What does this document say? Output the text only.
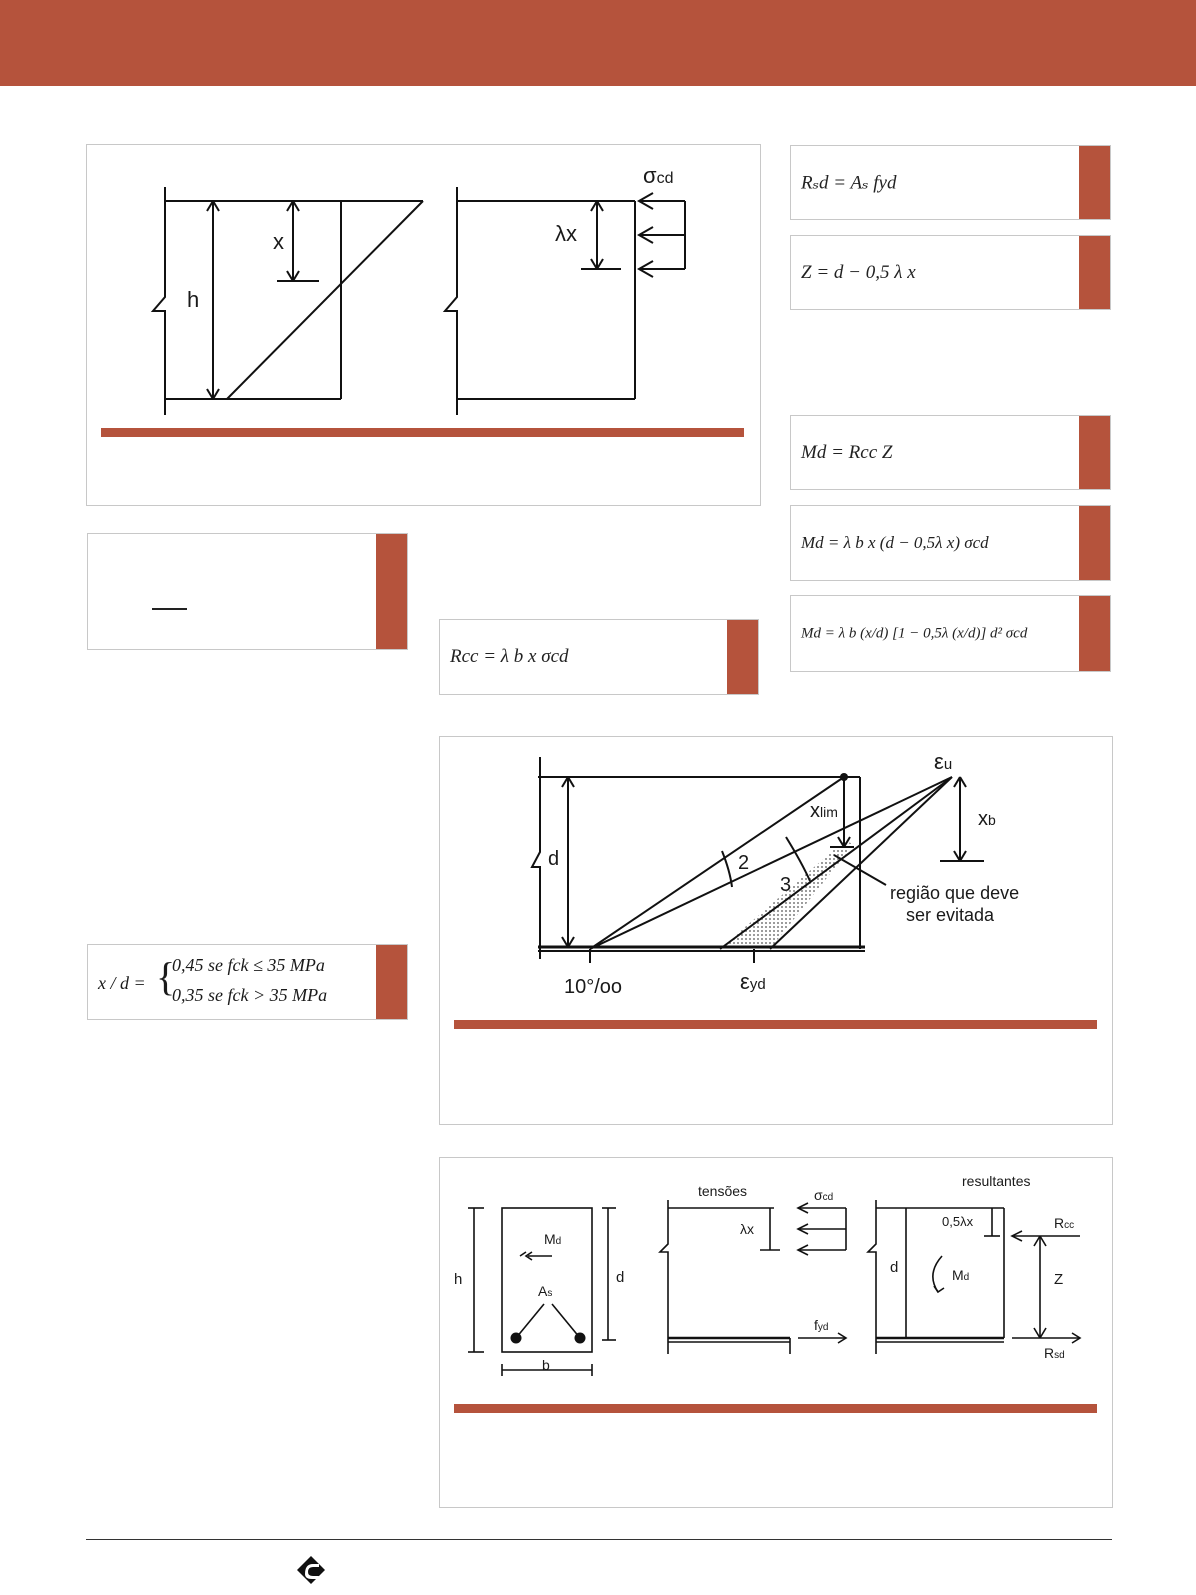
x
h
λx
σcd	Rₛd = Aₛ fyd
Z = d − 0,5 λ x
Md = Rcc Z
Md = λ b x (d − 0,5λ x) σcd
Md = λ b (x/d) [1 − 0,5λ (x/d)] d² σcd
Rcc = λ b x σcd
x / d = {
0,45 se fck ≤ 35 MPa
0,35 se fck > 35 MPa
εu
xlim	xb
d	2
3	região que deve
ser evitada
10°/oo	εyd
h	d
b
Md
As
tensões	σcd
λx
fyd
resultantes
0,5λx	Rcc
Z
Rsd
d	Md
